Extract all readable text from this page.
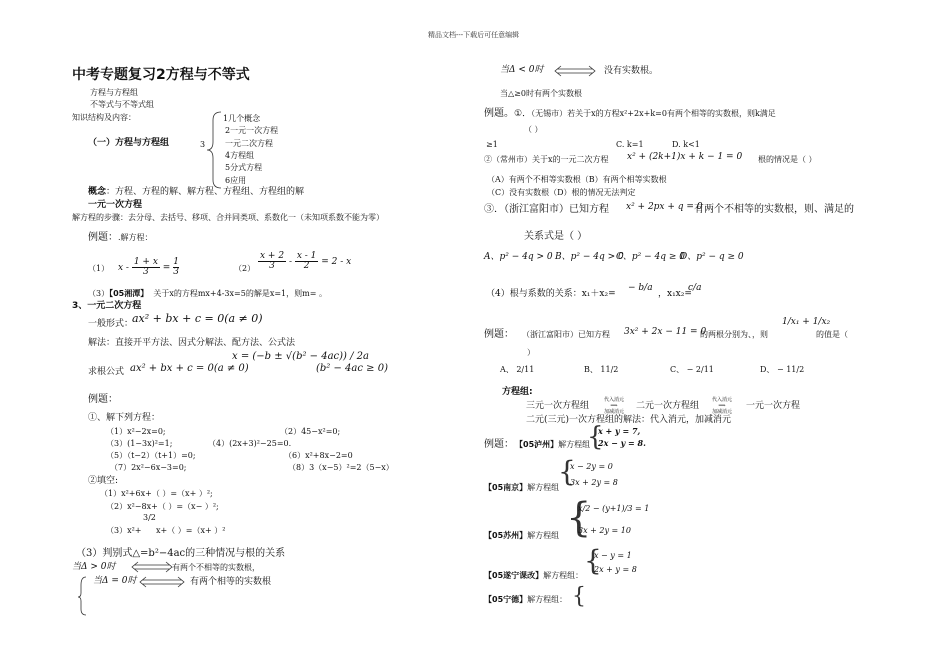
精品文档---下载后可任意编辑
中考专题复习2方程与不等式
方程与方程组
不等式与不等式组
知识结构及内容：
（一）方程与方程组	3
1几个概念
2一元一次方程
一元二次方程
4方程组
5分式方程
6应用
概念：方程、方程的解、解方程、方程组、方程组的解
一元一次方程
解方程的步骤：去分母、去括号、移项、合并同类项、系数化一（未知项系数不能为零）
例题：.解方程：
（1） $x - \frac{1 + x}{3} = \frac{1}{3}$	$(2) \frac{x + 2}{3} - \frac{x - 1}{2} = 2 - x$
（3）【05湘潭】 关于x的方程mx+4-3x=5的解是x=1，则m= 。
3、一元二次方程
一般形式：
ax² + bx + c = 0(a ≠ 0)
解法：直接开平方法、因式分解法、配方法、公式法
求根公式 ax² + bx + c = 0(a ≠ 0)
x = (−b ± √(b² − 4ac)) / 2a
(b² − 4ac ≥ 0)
例题：
①、解下列方程：
（1）x²−2x=0;	（2）45−x²=0;
（3）(1−3x)²=1;	（4）(2x+3)²−25=0.
（5）（t−2）（t+1）=0;	（6）x²+8x−2=0
（7）2x²−6x−3=0;	（8）3（x−5）²=2（5−x）
②填空:
（1）x²+6x+（ ）=（x+ ）²;
（2）x²−8x+（ ）=（x− ）²;
（3）x²+
3/2
x+（ ）=（x+ ）²
（3）判别式△=b²−4ac的三种情况与根的关系
当Δ > 0时	有两个不相等的实数根，
当Δ = 0时	有两个相等的实数根
当Δ < 0时	没有实数根。
当△≥0时有两个实数根
例题。①．（无锡市）若关于x的方程x²+2x+k=0有两个相等的实数根，则k满足
（ ）
≥1	C. k=1	D. k<1
②（常州市）关于x的一元二次方程 x² + (2k+1)x + k − 1 = 0 根的情况是（ ）
（A）有两个不相等实数根（B）有两个相等实数根
（C）没有实数根（D）根的情况无法判定
③．（浙江富阳市）已知方程 x² + 2px + q = 0
有两个不相等的实数根，则、满足的
关系式是（ ）
A、p² − 4q > 0 B、p² − 4q > 0
C、p² − 4q ≥ 0
D、p² − q ≥ 0
（4）根与系数的关系：x₁＋x₂=
− b/a
，x₁x₂=
c/a
例题： （浙江富阳市）已知方程 3x² + 2x − 11 = 0
的两根分别为、，则
1/x₁ + 1/x₂
的值是（
）
A、 2/11	B、 11/2	C、 − 2/11	D、 − 11/2
方程组:
三元一次方程组
代入消元
⟹
加减消元
二元一次方程组
代入消元
⟹
加减消元
一元一次方程
二元(三元)一次方程组的解法：代入消元，加减消元
例题： 【05泸州】解方程组
{
x + y = 7,
2x − y = 8.
【05南京】解方程组
{
x − 2y = 0
3x + 2y = 8
【05苏州】解方程组 {
x/2 − (y+1)/3 = 1
3x + 2y = 10
【05遂宁课改】解方程组： {
x − y = 1
2x + y = 8
【05宁德】解方程组： {
